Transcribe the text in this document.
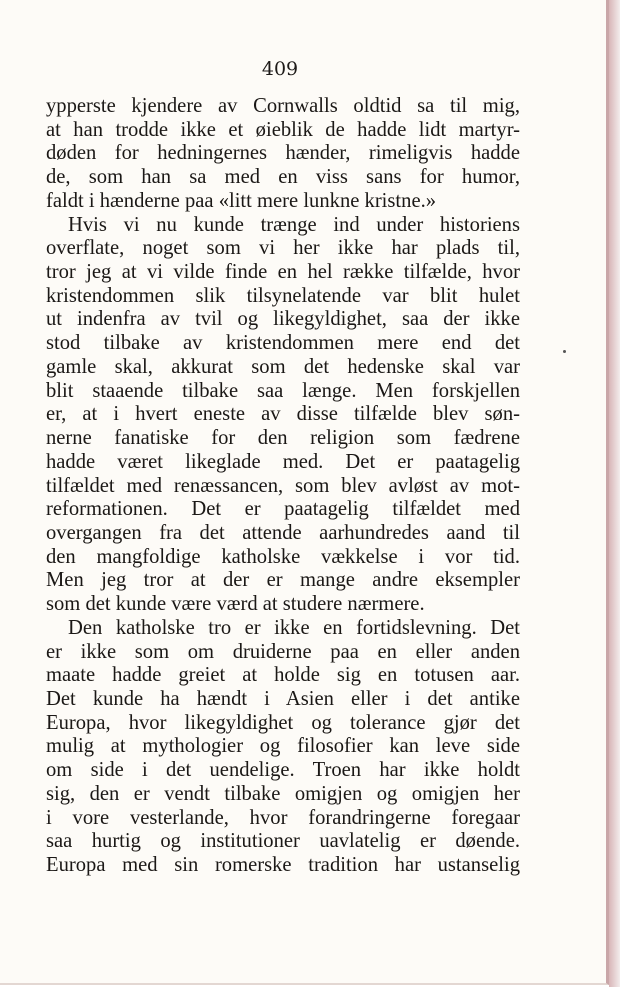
409
ypperste kjendere av Cornwalls oldtid sa til mig,
at han trodde ikke et øieblik de hadde lidt martyr-
døden for hedningernes hænder, rimeligvis hadde
de, som han sa med en viss sans for humor,
faldt i hænderne paa «litt mere lunkne kristne.»
Hvis vi nu kunde trænge ind under historiens
overflate, noget som vi her ikke har plads til,
tror jeg at vi vilde finde en hel række tilfælde, hvor
kristendommen slik tilsynelatende var blit hulet
ut indenfra av tvil og likegyldighet, saa der ikke
stod tilbake av kristendommen mere end det
gamle skal, akkurat som det hedenske skal var
blit staaende tilbake saa længe. Men forskjellen
er, at i hvert eneste av disse tilfælde blev søn-
nerne fanatiske for den religion som fædrene
hadde været likeglade med. Det er paatagelig
tilfældet med renæssancen, som blev avløst av mot-
reformationen. Det er paatagelig tilfældet med
overgangen fra det attende aarhundredes aand til
den mangfoldige katholske vækkelse i vor tid.
Men jeg tror at der er mange andre eksempler
som det kunde være værd at studere nærmere.
Den katholske tro er ikke en fortidslevning. Det
er ikke som om druiderne paa en eller anden
maate hadde greiet at holde sig en totusen aar.
Det kunde ha hændt i Asien eller i det antike
Europa, hvor likegyldighet og tolerance gjør det
mulig at mythologier og filosofier kan leve side
om side i det uendelige. Troen har ikke holdt
sig, den er vendt tilbake omigjen og omigjen her
i vore vesterlande, hvor forandringerne foregaar
saa hurtig og institutioner uavlatelig er døende.
Europa med sin romerske tradition har ustanselig
